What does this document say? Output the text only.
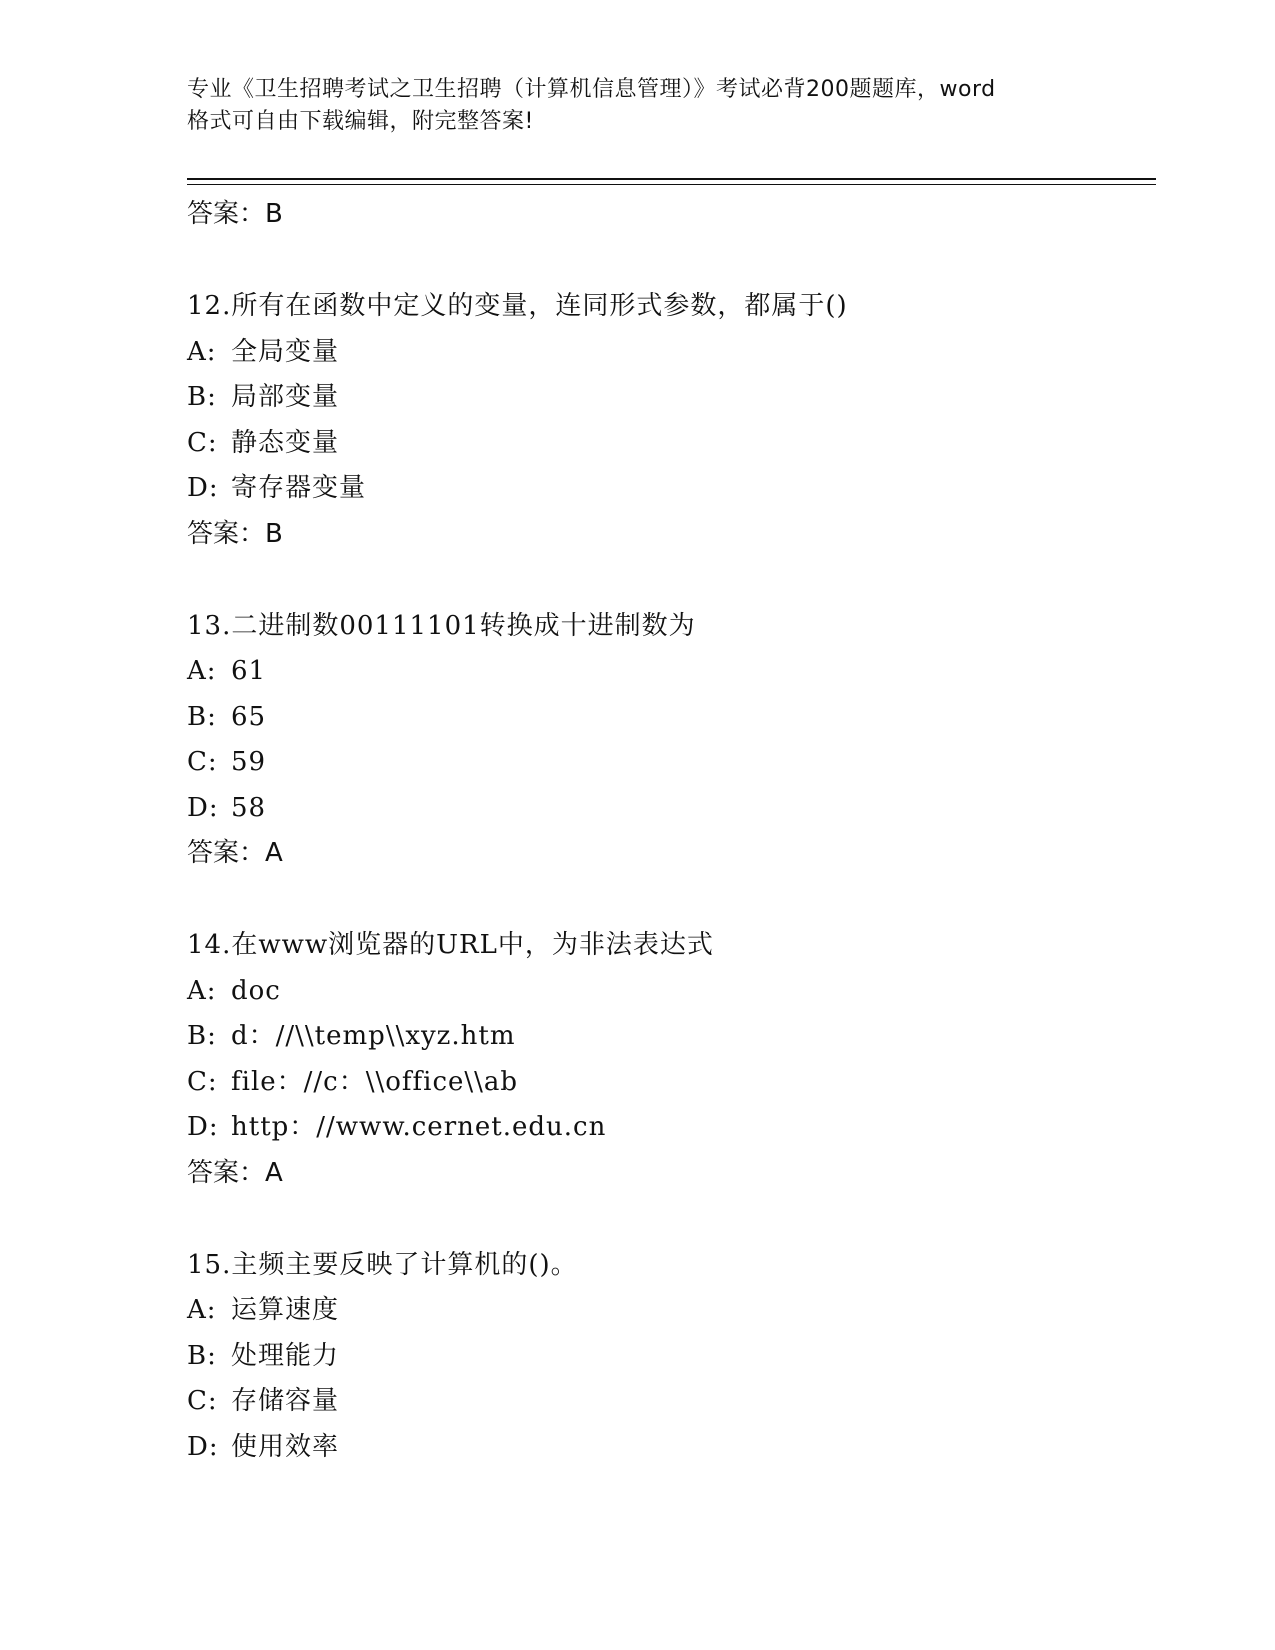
专业《卫生招聘考试之卫生招聘（计算机信息管理）》考试必背200题题库，word
格式可自由下载编辑，附完整答案!
答案：B
12.所有在函数中定义的变量，连同形式参数，都属于()
A: 全局变量
B: 局部变量
C: 静态变量
D: 寄存器变量
答案：B
13.二进制数00111101转换成十进制数为
A: 61
B: 65
C: 59
D: 58
答案：A
14.在www浏览器的URL中，为非法表达式
A: doc
B: d：//\\temp\\xyz.htm
C: file：//c：\\office\\ab
D: http：//www.cernet.edu.cn
答案：A
15.主频主要反映了计算机的()。
A: 运算速度
B: 处理能力
C: 存储容量
D: 使用效率
